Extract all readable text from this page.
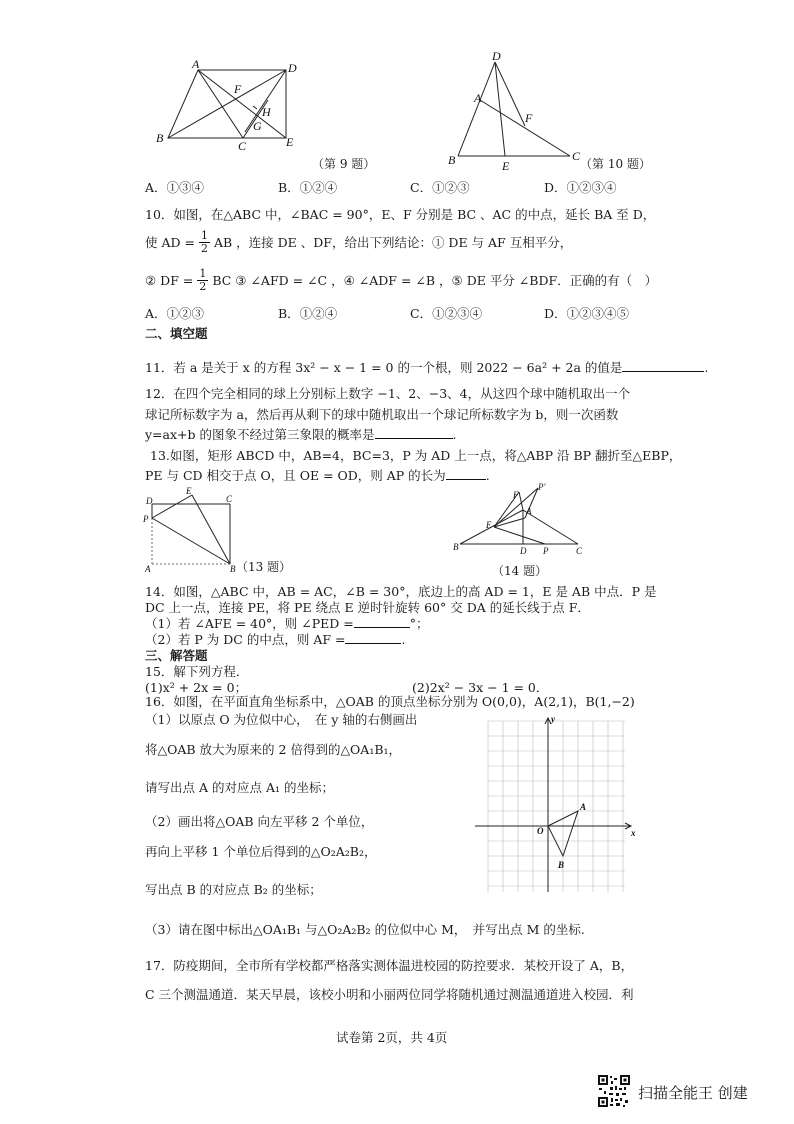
A	D
F
H
G
B
C	E
（第 9 题）
D
A
F
B	E
C
（第 10 题）
A．①③④	B．①②④	C．①②③	D．①②③④
10．如图，在△ABC 中，∠BAC = 90°，E、F 分别是 BC 、AC 的中点，延长 BA 至 D，
使 AD = $\frac{1}{2}$ AB ，连接 DE 、DF，给出下列结论：① DE 与 AF 互相平分，
② DF = $\frac{1}{2}$ BC ③ ∠AFD = ∠C ，④ ∠ADF = ∠B ，⑤ DE 平分 ∠BDF．正确的有（　）
A．①②③	B．①②④	C．①②③④	D．①②③④⑤
二、填空题
11．若 a 是关于 x 的方程 3x² − x − 1 = 0 的一个根，则 2022 − 6a² + 2a 的值是	.
12．在四个完全相同的球上分别标上数字 −1、2、−3、4，从这四个球中随机取出一个
球记所标数字为 a，然后再从剩下的球中随机取出一个球记所标数字为 b，则一次函数
y=ax+b 的图象不经过第三象限的概率是	.
13.如图，矩形 ABCD 中，AB=4，BC=3，P 为 AD 上一点，将△ABP 沿 BP 翻折至△EBP，
PE 与 CD 相交于点 O，且 OE = OD，则 AP 的长为	.
E
D	C
P
A	B （13 题）
F
P'
A
E
B	D P	C
（14 题）
14．如图，△ABC 中，AB = AC，∠B = 30°，底边上的高 AD = 1，E 是 AB 中点．P 是
DC 上一点，连接 PE，将 PE 绕点 E 逆时针旋转 60° 交 DA 的延长线于点 F．
（1）若 ∠AFE = 40°，则 ∠PED =	°；
（2）若 P 为 DC 的中点，则 AF =	.
三、解答题
15．解下列方程．
(1)x² + 2x = 0；	(2)2x² − 3x − 1 = 0．
16．如图，在平面直角坐标系中，△OAB 的顶点坐标分别为 O(0,0)，A(2,1)，B(1,−2)
（1）以原点 O 为位似中心，　在 y 轴的右侧画出
将△OAB 放大为原来的 2 倍得到的△OA₁B₁，
请写出点 A 的对应点 A₁ 的坐标；
（2）画出将△OAB 向左平移 2 个单位，
再向上平移 1 个单位后得到的△O₂A₂B₂，
写出点 B 的对应点 B₂ 的坐标；
（3）请在图中标出△OA₁B₁ 与△O₂A₂B₂ 的位似中心 M，　并写出点 M 的坐标.
y
x
O
A
B
17．防疫期间，全市所有学校都严格落实测体温进校园的防控要求．某校开设了 A，B，
C 三个测温通道．某天早晨，该校小明和小丽两位同学将随机通过测温通道进入校园．利
试卷第 2页，共 4页
扫描全能王 创建
